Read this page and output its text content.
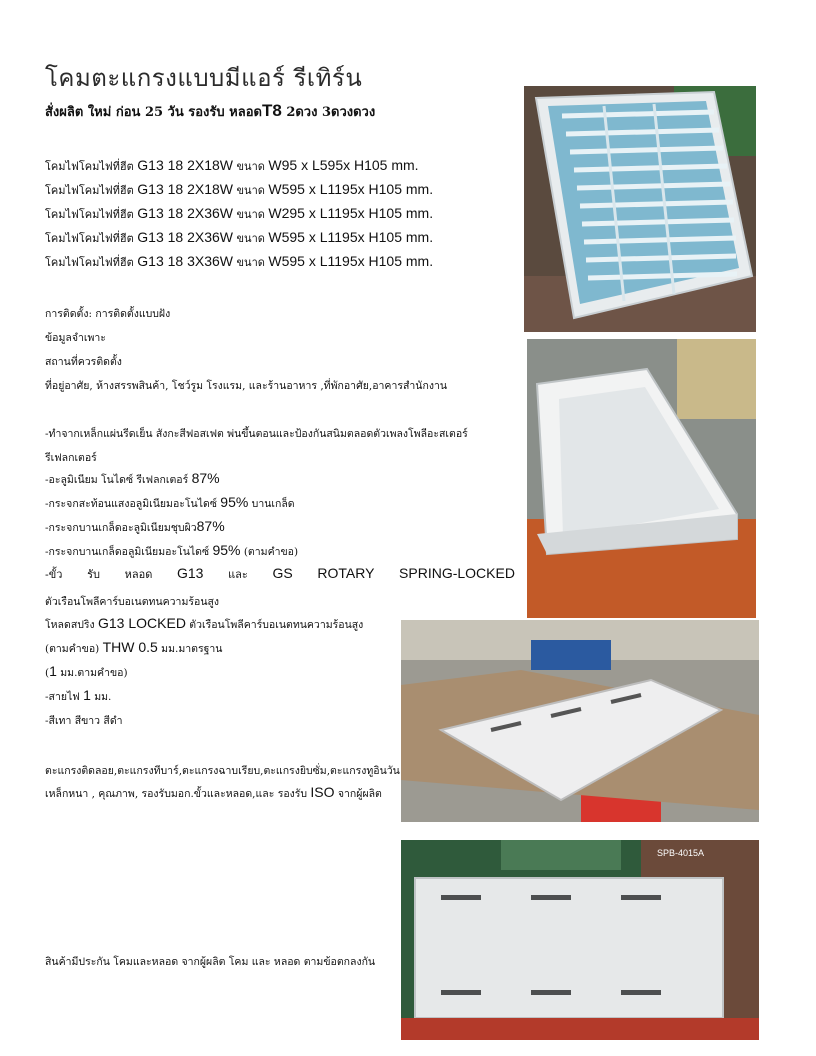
โคมตะแกรงแบบมีแอร์ รีเทิร์น
สั่งผลิต ใหม่ ก่อน 25 วัน รองรับ หลอดT8 2ดวง 3ดวงดวง
โคมไฟโคมไฟที่ฮีต G13 18 2X18W ขนาด W95 x L595x H105 mm.
โคมไฟโคมไฟที่ฮีต G13 18 2X18W ขนาด W595 x L1195x H105 mm.
โคมไฟโคมไฟที่ฮีต G13 18 2X36W ขนาด W295 x L1195x H105 mm.
โคมไฟโคมไฟที่ฮีต G13 18 2X36W ขนาด W595 x L1195x H105 mm.
โคมไฟโคมไฟที่ฮีต G13 18 3X36W ขนาด W595 x L1195x H105 mm.
การติดตั้ง: การติดตั้งแบบฝัง
ข้อมูลจำเพาะ
สถานที่ควรติดตั้ง
ที่อยู่อาศัย, ห้างสรรพสินค้า, โชว์รูม โรงแรม, และร้านอาหาร ,ที่พักอาศัย,อาคารสำนักงาน
-ทำจากเหล็กแผ่นรีดเย็น สังกะสีฟอสเฟต พ่นขึ้นตอนและป้องกันสนิมตลอดตัวเพลงโพลีอะสเตอร์
รีเฟลกเตอร์
-อะลูมิเนียม โนไดซ์ รีเฟลกเตอร์ 87%
-กระจกสะท้อนแสงอลูมิเนียมอะโนไดซ์ 95% บานเกล็ด
-กระจกบานเกล็ดอะลูมิเนียมชุบผิว87%
-กระจกบานเกล็ดอลูมิเนียมอะโนไดซ์ 95% (ตามคำขอ)
-ขั้ว รับ หลอด G13 และ GS ROTARY SPRING-LOCKED
ตัวเรือนโพลีคาร์บอเนตทนความร้อนสูง
โหลดสปริง G13 LOCKED ตัวเรือนโพลีคาร์บอเนตทนความร้อนสูง
(ตามคำขอ) THW 0.5 มม.มาตรฐาน
(1 มม.ตามคำขอ)
-สายไฟ 1 มม.
-สีเทา สีขาว สีดำ
ตะแกรงติดลอย,ตะแกรงทีบาร์,ตะแกรงฉาบเรียบ,ตะแกรงยิบซั่ม,ตะแกรงทูอินวัน
เหล็กหนา , คุณภาพ, รองรับมอก.ขั้วและหลอด,และ รองรับ ISO จากผู้ผลิต
สินค้ามีประกัน โคมและหลอด จากผู้ผลิต โคม และ หลอด ตามข้อตกลงกัน
SPB-4015A
